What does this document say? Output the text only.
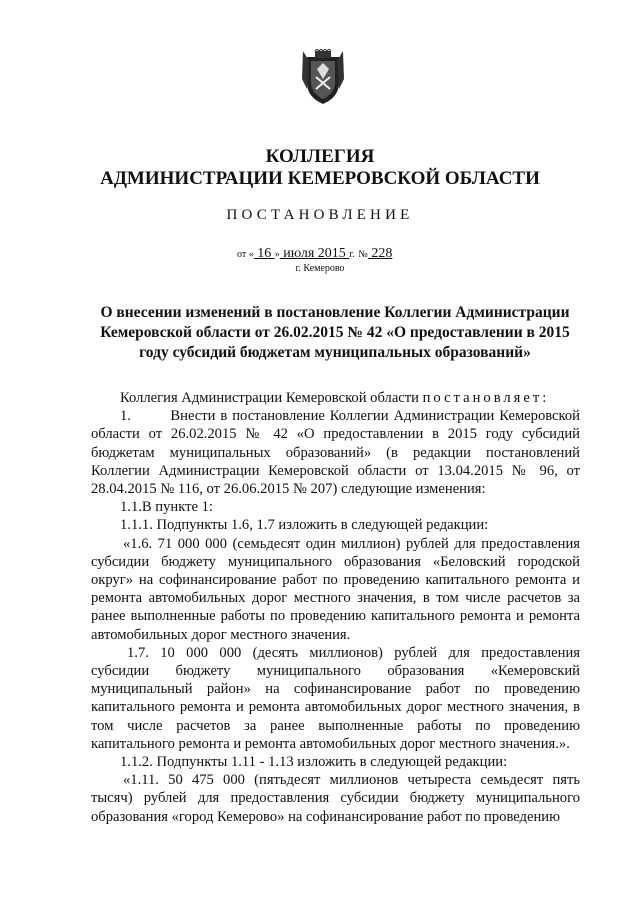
КОЛЛЕГИЯ
АДМИНИСТРАЦИИ КЕМЕРОВСКОЙ ОБЛАСТИ
ПОСТАНОВЛЕНИЕ
от « 16 » июля 2015 г. № 228
г. Кемерово
О внесении изменений в постановление Коллегии Администрации Кемеровской области от 26.02.2015 № 42 «О предоставлении в 2015 году субсидий бюджетам муниципальных образований»

Коллегия Администрации Кемеровской области постановляет:

1.        Внести в постановление Коллегии Администрации Кемеровской области от 26.02.2015 № 42 «О предоставлении в 2015 году субсидий бюджетам муниципальных образований» (в редакции постановлений Коллегии Администрации Кемеровской области от 13.04.2015 № 96, от 28.04.2015 № 116, от 26.06.2015 № 207) следующие изменения:

1.1.В пункте 1:

1.1.1. Подпункты 1.6, 1.7 изложить в следующей редакции:

«1.6. 71 000 000 (семьдесят один миллион) рублей для предоставления субсидии бюджету муниципального образования «Беловский городской округ» на софинансирование работ по проведению капитального ремонта и ремонта автомобильных дорог местного значения, в том числе расчетов за ранее выполненные работы по проведению капитального ремонта и ремонта автомобильных дорог местного значения.

1.7. 10 000 000 (десять миллионов) рублей для предоставления субсидии бюджету муниципального образования «Кемеровский муниципальный район» на софинансирование работ по проведению капитального ремонта и ремонта автомобильных дорог местного значения, в том числе расчетов за ранее выполненные работы по проведению капитального ремонта и ремонта автомобильных дорог местного значения.».

1.1.2. Подпункты 1.11 - 1.13 изложить в следующей редакции:

«1.11. 50 475 000 (пятьдесят миллионов четыреста семьдесят пять тысяч) рублей для предоставления субсидии бюджету муниципального образования «город Кемерово» на софинансирование работ по проведению
